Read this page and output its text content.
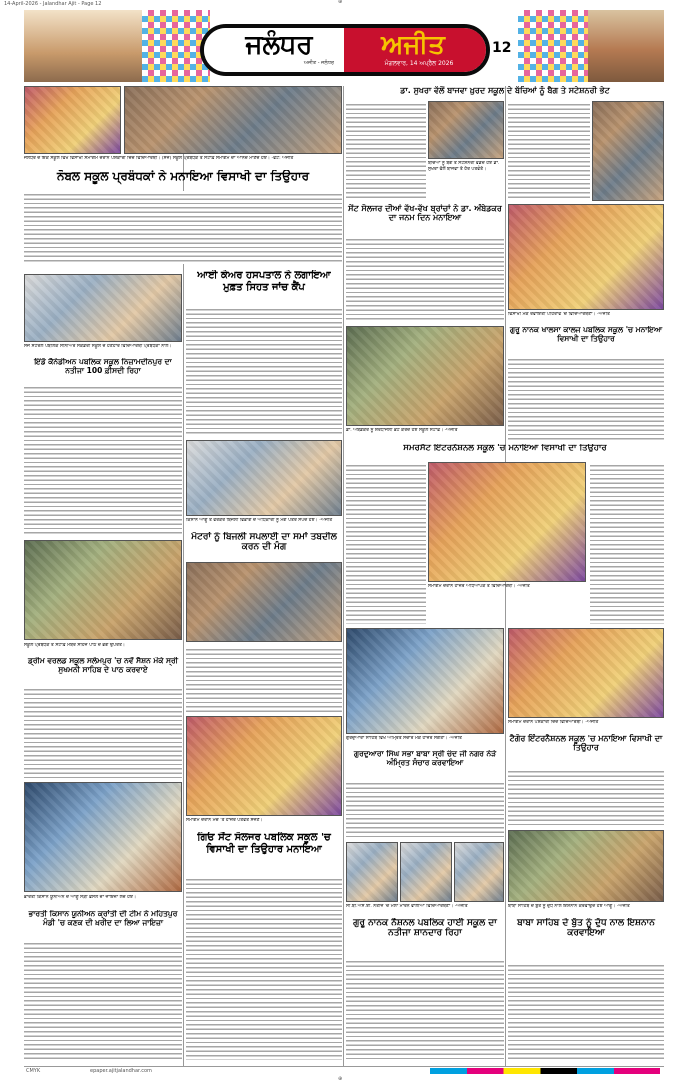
14-April-2026 - Jalandhar Ajit - Page 12	⊕
ਜਲੰਧਰ	ਅਜੀਤ
ਅਜੀਤ - ਜਲੰਧਰ	ਮੰਗਲਵਾਰ, 14 ਅਪ੍ਰੈਲ 2026
12
ਜਲੰਧਰ ਦੇ ਇੱਕ ਸਕੂਲ ਵਿਖੇ ਵਿਸਾਖੀ ਸਮਾਗਮ ਦੌਰਾਨ ਪੇਸ਼ਕਾਰੀ ਦਿੰਦੇ ਵਿਦਿਆਰਥੀ। (ਸੱਜੇ) ਸਕੂਲ ਪ੍ਰਬੰਧਕ ਤੇ ਸਟਾਫ਼ ਸਮਾਗਮ ਦਾ ਆਨੰਦ ਮਾਣਦੇ ਹੋਏ। -ਫੋਟੋ: ਅਜੀਤ
ਨੋਬਲ ਸਕੂਲ ਪ੍ਰਬੰਧਕਾਂ ਨੇ ਮਨਾਇਆ ਵਿਸਾਖੀ ਦਾ ਤਿਉਹਾਰ
ਸੱਜੇ ਸੈਂਟਰਲ ਪਬਲਿਕ ਸੀਨੀਅਰ ਸੈਕੰਡਰੀ ਸਕੂਲ ਦੇ ਹੋਣਹਾਰ ਵਿਦਿਆਰਥੀ ਪ੍ਰਬੰਧਕਾਂ ਨਾਲ।
ਇੰਡੋ ਕੈਨੇਡੀਅਨ ਪਬਲਿਕ ਸਕੂਲ ਨਿਜ਼ਾਮਦੀਨਪੁਰ ਦਾ ਨਤੀਜਾ 100 ਫ਼ੀਸਦੀ ਰਿਹਾ
ਸਕੂਲ ਪ੍ਰਬੰਧਕ ਤੇ ਸਟਾਫ਼ ਮੈਂਬਰ ਸਹਿਜ ਪਾਠ ਦੇ ਭੋਗ ਉਪਰੰਤ।
ਡ੍ਰੀਮ ਵਰਲਡ ਸਕੂਲ ਸਲੇਮਪੁਰ 'ਚ ਨਵੇਂ ਸੈਸ਼ਨ ਮੌਕੇ ਸ੍ਰੀ ਸੁਖਮਨੀ ਸਾਹਿਬ ਦੇ ਪਾਠ ਕਰਵਾਏ
ਭਾਰਤੀ ਕਿਸਾਨ ਯੂਨੀਅਨ ਦੇ ਆਗੂ ਸੜੀ ਫ਼ਸਲ ਦਾ ਜਾਇਜ਼ਾ ਲੈਂਦੇ ਹੋਏ।
ਭਾਰਤੀ ਕਿਸਾਨ ਯੂਨੀਅਨ ਕ੍ਰਾਂਤੀ ਦੀ ਟੀਮ ਨੇ ਮਹਿਤਪੁਰ ਮੰਡੀ 'ਚ ਕਣਕ ਦੀ ਖ਼ਰੀਦ ਦਾ ਲਿਆ ਜਾਇਜ਼ਾ
ਆਈ ਕੇਅਰ ਹਸਪਤਾਲ ਨੇ ਲਗਾਇਆ ਮੁਫ਼ਤ ਸਿਹਤ ਜਾਂਚ ਕੈਂਪ
ਕਿਸਾਨ ਆਗੂ ਤੇ ਵਰਕਰ ਬਿਜਲੀ ਵਿਭਾਗ ਦੇ ਅਧਿਕਾਰੀ ਨੂੰ ਮੰਗ ਪੱਤਰ ਸੌਂਪਦੇ ਹੋਏ। -ਅਜੀਤ
ਮੋਟਰਾਂ ਨੂੰ ਬਿਜਲੀ ਸਪਲਾਈ ਦਾ ਸਮਾਂ ਤਬਦੀਲ ਕਰਨ ਦੀ ਮੰਗ
ਸਮਾਗਮ ਦੌਰਾਨ ਮੰਚ 'ਤੇ ਹਾਜ਼ਰ ਪਤਵੰਤੇ ਸੱਜਣ।
ਗਿਓ ਸੇਂਟ ਸੋਲਜਰ ਪਬਲਿਕ ਸਕੂਲ 'ਚ ਵਿਸਾਖੀ ਦਾ ਤਿਉਹਾਰ ਮਨਾਇਆ
ਡਾ. ਸੁਖਰਾ ਵੱਲੋਂ ਬਾਜਵਾ ਖ਼ੁਰਦ ਸਕੂਲ ਦੇ ਬੱਚਿਆਂ ਨੂੰ ਬੈਗ ਤੇ ਸਟੇਸ਼ਨਰੀ ਭੇਟ
ਬੱਚਿਆਂ ਨੂੰ ਬੈਗ ਤੇ ਸਟੇਸ਼ਨਰੀ ਵੰਡਦੇ ਹੋਏ ਡਾ. ਸੁਖਰਾ ਵੱਲੋਂ ਬਾਜਵਾ ਤੇ ਹੋਰ ਪਤਵੰਤੇ।
ਸੇਂਟ ਸੋਲਜਰ ਦੀਆਂ ਵੱਖ-ਵੱਖ ਬ੍ਰਾਂਚਾਂ ਨੇ ਡਾ. ਅੰਬੇਡਕਰ ਦਾ ਜਨਮ ਦਿਨ ਮਨਾਇਆ
ਡਾ. ਅੰਬੇਡਕਰ ਨੂੰ ਸ਼ਰਧਾਂਜਲੀ ਭੇਟ ਕਰਦੇ ਹੋਏ ਸਕੂਲ ਸਟਾਫ਼। -ਅਜੀਤ
ਸੋਮਰਸੈੱਟ ਇੰਟਰਨੈਸ਼ਨਲ ਸਕੂਲ 'ਚ ਮਨਾਇਆ ਵਿਸਾਖੀ ਦਾ ਤਿਉਹਾਰ
ਸਮਾਗਮ ਦੌਰਾਨ ਹਾਜ਼ਰ ਅਧਿਆਪਕ ਤੇ ਵਿਦਿਆਰਥੀ। -ਅਜੀਤ
ਗੁਰਦੁਆਰਾ ਸਾਹਿਬ ਵਿਖੇ ਅੰਮ੍ਰਿਤ ਸੰਚਾਰ ਮੌਕੇ ਹਾਜ਼ਰ ਸੰਗਤਾਂ। -ਅਜੀਤ
ਗੁਰਦੁਆਰਾ ਸਿੰਘ ਸਭਾ ਬਾਬਾ ਸ੍ਰੀ ਚੰਦ ਜੀ ਨਗਰ ਨੇੜੇ ਅੰਮ੍ਰਿਤ ਸੰਚਾਰ ਕਰਵਾਇਆ
ਸੀ.ਬੀ.ਐੱਸ.ਈ. ਨਤੀਜੇ 'ਚ ਮੱਲਾਂ ਮਾਰਨ ਵਾਲੀਆਂ ਵਿਦਿਆਰਥਣਾਂ। -ਅਜੀਤ
ਗੁਰੂ ਨਾਨਕ ਨੈਸ਼ਨਲ ਪਬਲਿਕ ਹਾਈ ਸਕੂਲ ਦਾ ਨਤੀਜਾ ਸ਼ਾਨਦਾਰ ਰਿਹਾ
ਵਿਸਾਖੀ ਮੌਕੇ ਰਵਾਇਤੀ ਪਹਿਰਾਵੇ 'ਚ ਵਿਦਿਆਰਥਣਾਂ। -ਅਜੀਤ
ਗੁਰੂ ਨਾਨਕ ਖਾਲਸਾ ਕਾਲਜ ਪਬਲਿਕ ਸਕੂਲ 'ਚ ਮਨਾਇਆ ਵਿਸਾਖੀ ਦਾ ਤਿਉਹਾਰ
ਸਮਾਗਮ ਦੌਰਾਨ ਪੇਸ਼ਕਾਰੀ ਦਿੰਦੇ ਵਿਦਿਆਰਥੀ। -ਅਜੀਤ
ਟੈਗੋਰ ਇੰਟਰਨੈਸ਼ਨਲ ਸਕੂਲ 'ਚ ਮਨਾਇਆ ਵਿਸਾਖੀ ਦਾ ਤਿਉਹਾਰ
ਬਾਬਾ ਸਾਹਿਬ ਦੇ ਬੁੱਤ ਨੂੰ ਦੁੱਧ ਨਾਲ ਇਸ਼ਨਾਨ ਕਰਵਾਉਂਦੇ ਹੋਏ ਆਗੂ। -ਅਜੀਤ
ਬਾਬਾ ਸਾਹਿਬ ਦੇ ਬੁੱਤ ਨੂੰ ਦੁੱਧ ਨਾਲ ਇਸ਼ਨਾਨ ਕਰਵਾਇਆ
CMYK	epaper.ajitjalandhar.com
⊕
